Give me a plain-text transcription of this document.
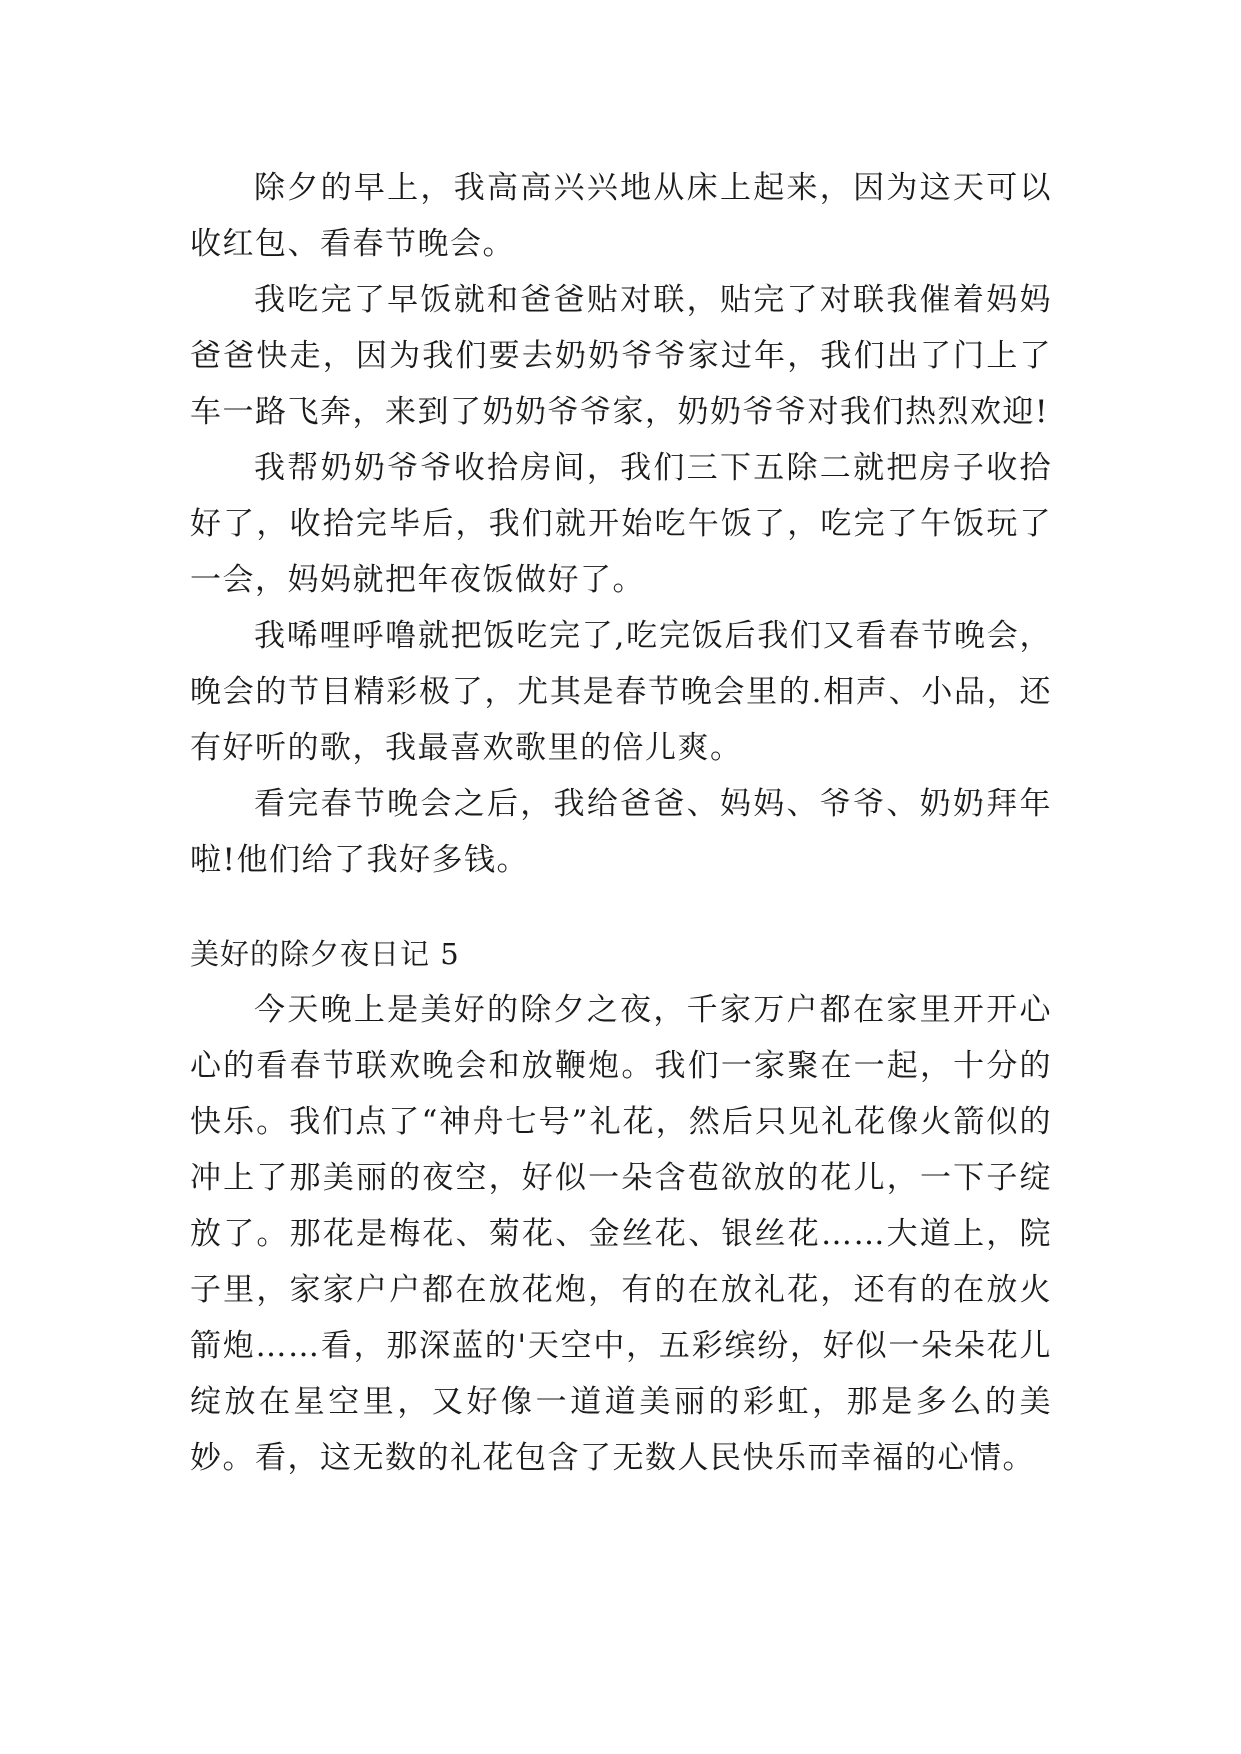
除夕的早上，我高高兴兴地从床上起来，因为这天可以收红包、看春节晚会。

我吃完了早饭就和爸爸贴对联，贴完了对联我催着妈妈爸爸快走，因为我们要去奶奶爷爷家过年，我们出了门上了车一路飞奔，来到了奶奶爷爷家，奶奶爷爷对我们热烈欢迎!

我帮奶奶爷爷收拾房间，我们三下五除二就把房子收拾好了，收拾完毕后，我们就开始吃午饭了，吃完了午饭玩了一会，妈妈就把年夜饭做好了。

我唏哩呼噜就把饭吃完了,吃完饭后我们又看春节晚会，晚会的节目精彩极了，尤其是春节晚会里的.相声、小品，还有好听的歌，我最喜欢歌里的倍儿爽。

看完春节晚会之后，我给爸爸、妈妈、爷爷、奶奶拜年啦!他们给了我好多钱。

美好的除夕夜日记 5

今天晚上是美好的除夕之夜，千家万户都在家里开开心心的看春节联欢晚会和放鞭炮。我们一家聚在一起，十分的快乐。我们点了“神舟七号”礼花，然后只见礼花像火箭似的冲上了那美丽的夜空，好似一朵含苞欲放的花儿，一下子绽放了。那花是梅花、菊花、金丝花、银丝花……大道上，院子里，家家户户都在放花炮，有的在放礼花，还有的在放火箭炮……看，那深蓝的'天空中，五彩缤纷，好似一朵朵花儿绽放在星空里，又好像一道道美丽的彩虹，那是多么的美妙。看，这无数的礼花包含了无数人民快乐而幸福的心情。
